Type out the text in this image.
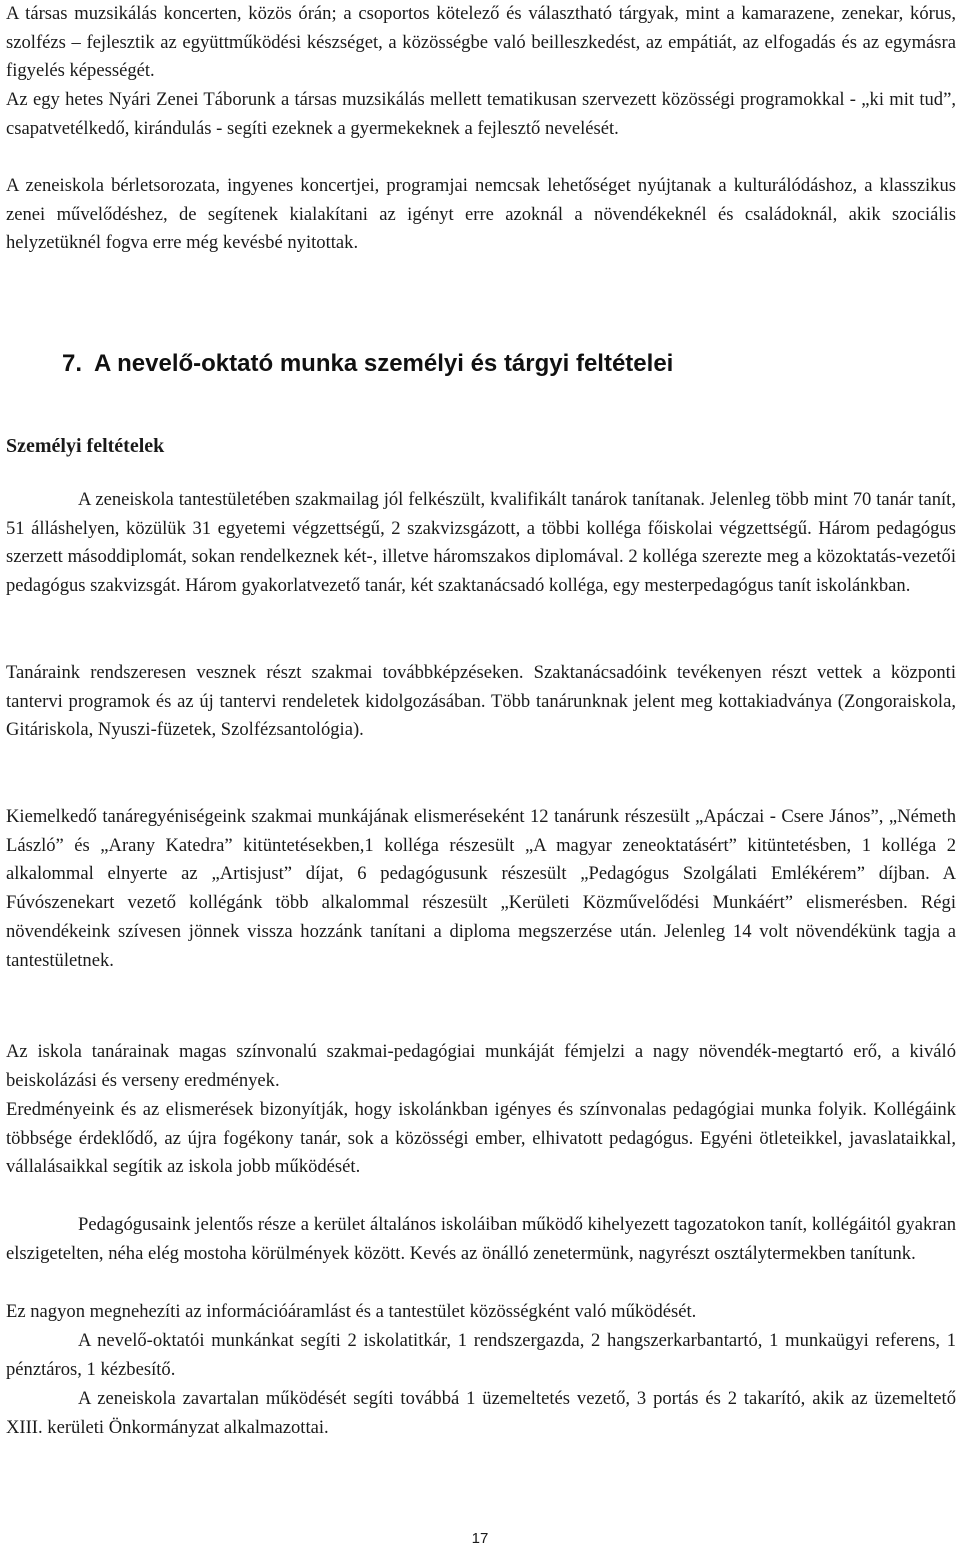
A társas muzsikálás koncerten, közös órán; a csoportos kötelező és választható tárgyak, mint a kamarazene, zenekar, kórus, szolfézs – fejlesztik az együttműködési készséget, a közösségbe való beilleszkedést, az empátiát, az elfogadás és az egymásra figyelés képességét.

Az egy hetes Nyári Zenei Táborunk a társas muzsikálás mellett tematikusan szervezett közösségi programokkal - „ki mit tud”, csapatvetélkedő, kirándulás - segíti ezeknek a gyermekeknek a fejlesztő nevelését.

A zeneiskola bérletsorozata, ingyenes koncertjei, programjai nemcsak lehetőséget nyújtanak a kulturálódáshoz, a klasszikus zenei művelődéshez, de segítenek kialakítani az igényt erre azoknál a növendékeknél és családoknál, akik szociális helyzetüknél fogva erre még kevésbé nyitottak.

7. A nevelő-oktató munka személyi és tárgyi feltételei
Személyi feltételek

A zeneiskola tantestületében szakmailag jól felkészült, kvalifikált tanárok tanítanak. Jelenleg több mint 70 tanár tanít, 51 álláshelyen, közülük 31 egyetemi végzettségű, 2 szakvizsgázott, a többi kolléga főiskolai végzettségű. Három pedagógus szerzett másoddiplomát, sokan rendelkeznek két-, illetve háromszakos diplomával. 2 kolléga szerezte meg a közoktatás-vezetői pedagógus szakvizsgát. Három gyakorlatvezető tanár, két szaktanácsadó kolléga, egy mesterpedagógus tanít iskolánkban.

Tanáraink rendszeresen vesznek részt szakmai továbbképzéseken. Szaktanácsadóink tevékenyen részt vettek a központi tantervi programok és az új tantervi rendeletek kidolgozásában. Több tanárunknak jelent meg kottakiadványa (Zongoraiskola, Gitáriskola, Nyuszi-füzetek, Szolfézsantológia).

Kiemelkedő tanáregyéniségeink szakmai munkájának elismeréseként 12 tanárunk részesült „Apáczai - Csere János”, „Németh László” és „Arany Katedra” kitüntetésekben,1 kolléga részesült „A magyar zeneoktatásért” kitüntetésben, 1 kolléga 2 alkalommal elnyerte az „Artisjust” díjat, 6 pedagógusunk részesült „Pedagógus Szolgálati Emlékérem” díjban. A Fúvószenekart vezető kollégánk több alkalommal részesült „Kerületi Közművelődési Munkáért” elismerésben. Régi növendékeink szívesen jönnek vissza hozzánk tanítani a diploma megszerzése után. Jelenleg 14 volt növendékünk tagja a tantestületnek.

Az iskola tanárainak magas színvonalú szakmai-pedagógiai munkáját fémjelzi a nagy növendék-megtartó erő, a kiváló beiskolázási és verseny eredmények.

Eredményeink és az elismerések bizonyítják, hogy iskolánkban igényes és színvonalas pedagógiai munka folyik. Kollégáink többsége érdeklődő, az újra fogékony tanár, sok a közösségi ember, elhivatott pedagógus. Egyéni ötleteikkel, javaslataikkal, vállalásaikkal segítik az iskola jobb működését.

Pedagógusaink jelentős része a kerület általános iskoláiban működő kihelyezett tagozatokon tanít, kollégáitól gyakran elszigetelten, néha elég mostoha körülmények között. Kevés az önálló zenetermünk, nagyrészt osztálytermekben tanítunk.

Ez nagyon megnehezíti az információáramlást és a tantestület közösségként való működését.

A nevelő-oktatói munkánkat segíti 2 iskolatitkár, 1 rendszergazda, 2 hangszerkarbantartó, 1 munkaügyi referens, 1 pénztáros, 1 kézbesítő.

A zeneiskola zavartalan működését segíti továbbá 1 üzemeltetés vezető, 3 portás és 2 takarító, akik az üzemeltető XIII. kerületi Önkormányzat alkalmazottai.

17
